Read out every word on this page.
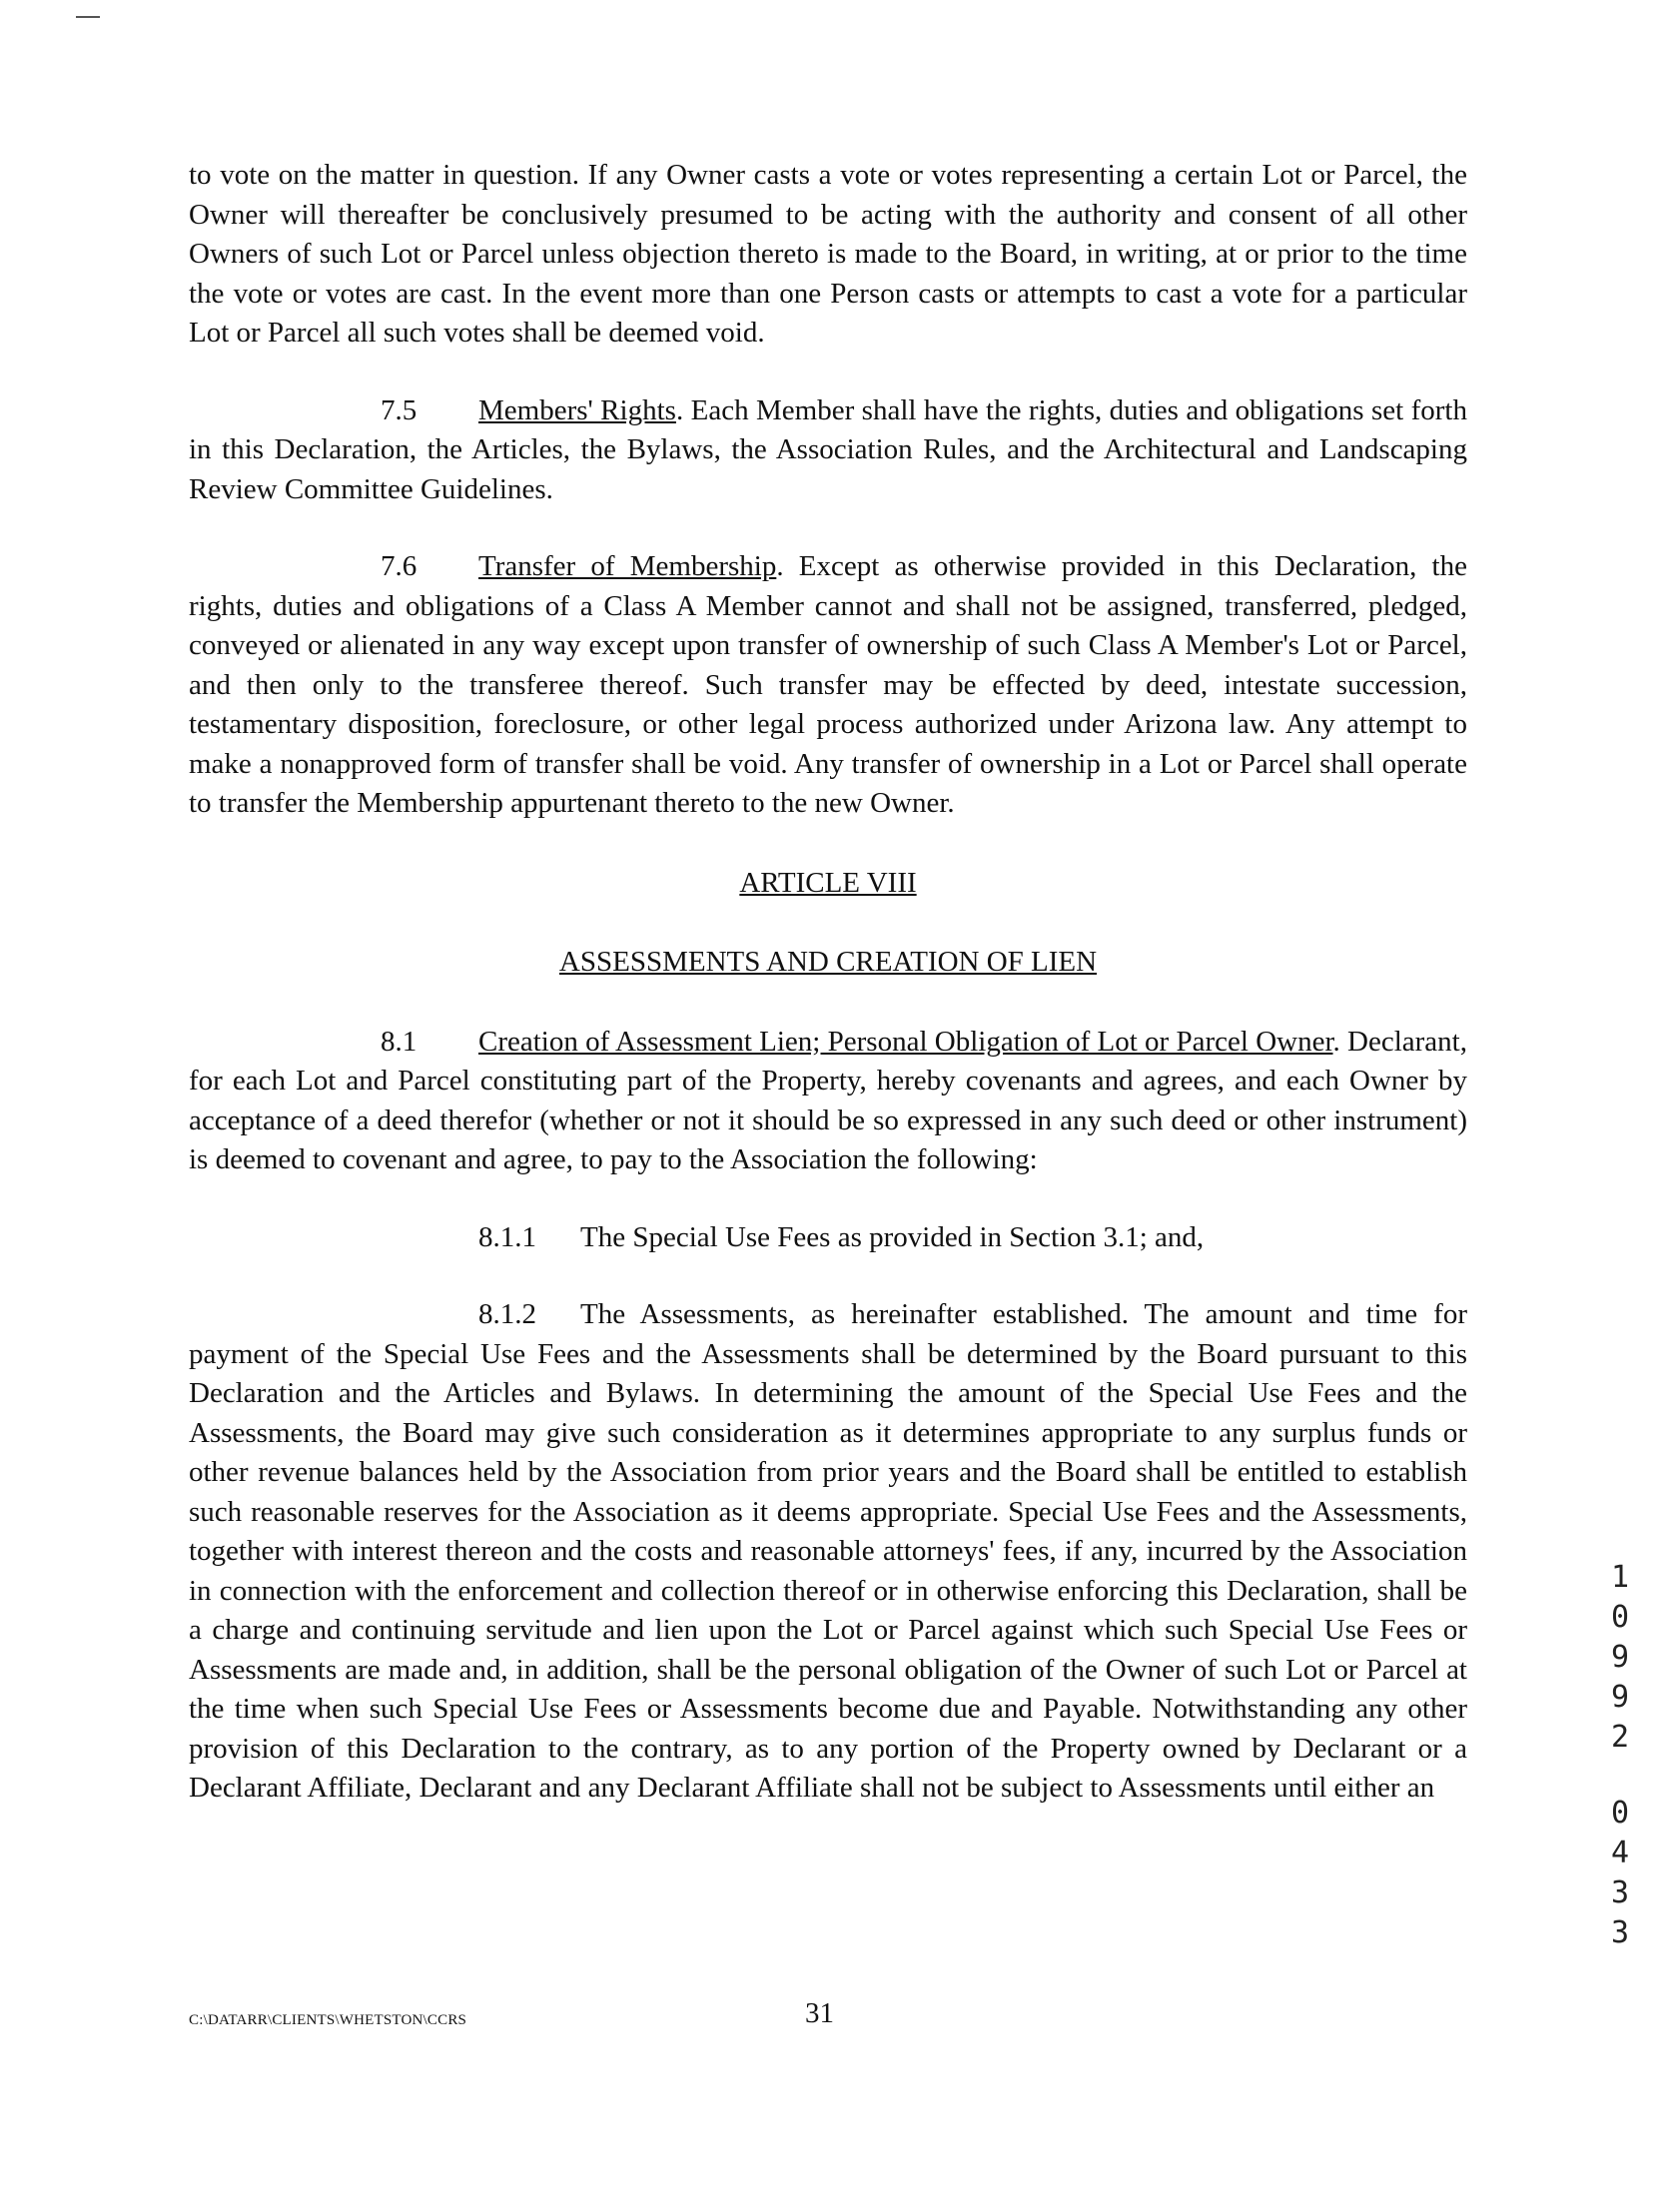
to vote on the matter in question. If any Owner casts a vote or votes representing a certain Lot or Parcel, the Owner will thereafter be conclusively presumed to be acting with the authority and consent of all other Owners of such Lot or Parcel unless objection thereto is made to the Board, in writing, at or prior to the time the vote or votes are cast. In the event more than one Person casts or attempts to cast a vote for a particular Lot or Parcel all such votes shall be deemed void.

7.5 Members' Rights. Each Member shall have the rights, duties and obligations set forth in this Declaration, the Articles, the Bylaws, the Association Rules, and the Architectural and Landscaping Review Committee Guidelines.

7.6 Transfer of Membership. Except as otherwise provided in this Declaration, the rights, duties and obligations of a Class A Member cannot and shall not be assigned, transferred, pledged, conveyed or alienated in any way except upon transfer of ownership of such Class A Member's Lot or Parcel, and then only to the transferee thereof. Such transfer may be effected by deed, intestate succession, testamentary disposition, foreclosure, or other legal process authorized under Arizona law. Any attempt to make a nonapproved form of transfer shall be void. Any transfer of ownership in a Lot or Parcel shall operate to transfer the Membership appurtenant thereto to the new Owner.

ARTICLE VIII

ASSESSMENTS AND CREATION OF LIEN

8.1 Creation of Assessment Lien; Personal Obligation of Lot or Parcel Owner. Declarant, for each Lot and Parcel constituting part of the Property, hereby covenants and agrees, and each Owner by acceptance of a deed therefor (whether or not it should be so expressed in any such deed or other instrument) is deemed to covenant and agree, to pay to the Association the following:

8.1.1 The Special Use Fees as provided in Section 3.1; and,

8.1.2 The Assessments, as hereinafter established. The amount and time for payment of the Special Use Fees and the Assessments shall be determined by the Board pursuant to this Declaration and the Articles and Bylaws. In determining the amount of the Special Use Fees and the Assessments, the Board may give such consideration as it determines appropriate to any surplus funds or other revenue balances held by the Association from prior years and the Board shall be entitled to establish such reasonable reserves for the Association as it deems appropriate. Special Use Fees and the Assessments, together with interest thereon and the costs and reasonable attorneys' fees, if any, incurred by the Association in connection with the enforcement and collection thereof or in otherwise enforcing this Declaration, shall be a charge and continuing servitude and lien upon the Lot or Parcel against which such Special Use Fees or Assessments are made and, in addition, shall be the personal obligation of the Owner of such Lot or Parcel at the time when such Special Use Fees or Assessments become due and Payable. Notwithstanding any other provision of this Declaration to the contrary, as to any portion of the Property owned by Declarant or a Declarant Affiliate, Declarant and any Declarant Affiliate shall not be subject to Assessments until either an

1
0
9
9
2
0
4
3
3
C:\DATARR\CLIENTS\WHETSTON\CCRS	31
